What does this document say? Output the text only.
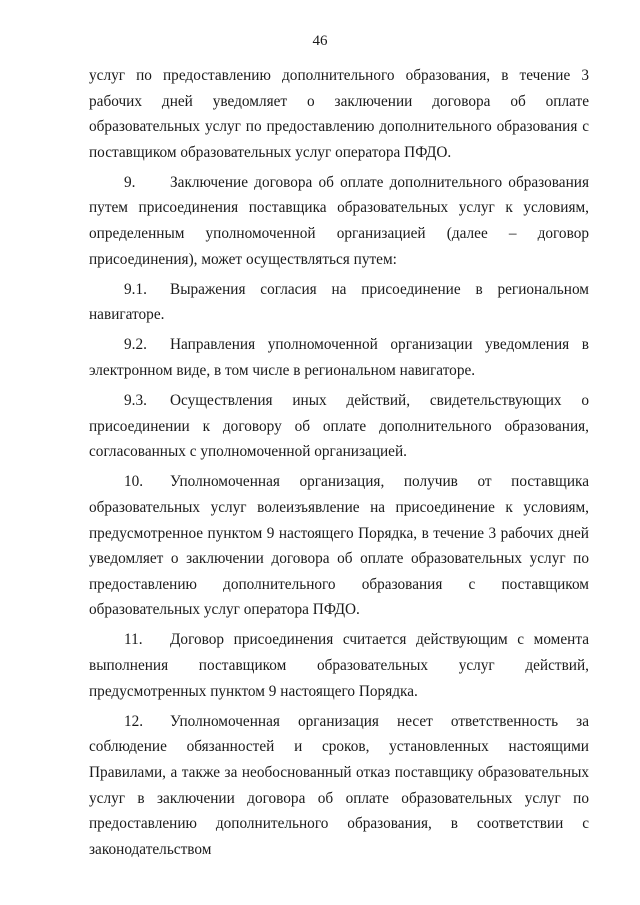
46

услуг по предоставлению дополнительного образования, в течение 3 рабочих дней уведомляет о заключении договора об оплате образовательных услуг по предоставлению дополнительного образования с поставщиком образовательных услуг оператора ПФДО.

9. Заключение договора об оплате дополнительного образования путем присоединения поставщика образовательных услуг к условиям, определенным уполномоченной организацией (далее – договор присоединения), может осуществляться путем:

9.1. Выражения согласия на присоединение в региональном навигаторе.

9.2. Направления уполномоченной организации уведомления в электронном виде, в том числе в региональном навигаторе.

9.3. Осуществления иных действий, свидетельствующих о присоединении к договору об оплате дополнительного образования, согласованных с уполномоченной организацией.

10. Уполномоченная организация, получив от поставщика образовательных услуг волеизъявление на присоединение к условиям, предусмотренное пунктом 9 настоящего Порядка, в течение 3 рабочих дней уведомляет о заключении договора об оплате образовательных услуг по предоставлению дополнительного образования с поставщиком образовательных услуг оператора ПФДО.

11. Договор присоединения считается действующим с момента выполнения поставщиком образовательных услуг действий, предусмотренных пунктом 9 настоящего Порядка.

12. Уполномоченная организация несет ответственность за соблюдение обязанностей и сроков, установленных настоящими Правилами, а также за необоснованный отказ поставщику образовательных услуг в заключении договора об оплате образовательных услуг по предоставлению дополнительного образования, в соответствии с законодательством
